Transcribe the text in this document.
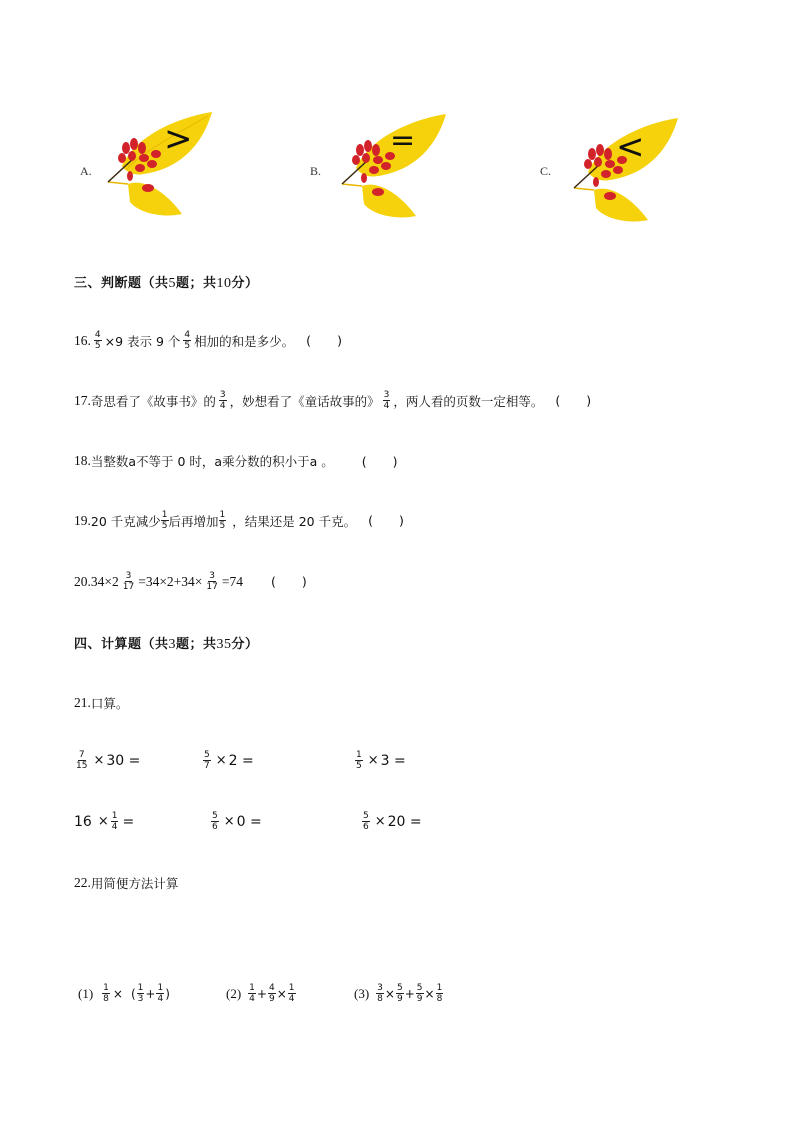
A.
>
B.
=
C.
<
三、判断题（共5题；共10分）
16. $\frac{4}{5} \times 9$ 表示 9 个 $\frac{4}{5}$ 相加的和是多少。 ( )
17. 奇思看了《故事书》的 $\frac{3}{4}$ ，妙想看了《童话故事的》 $\frac{3}{4}$ ，两人看的页数一定相等。 ( )
18. 当整数a不等于 0 时，a乘分数的积小于a 。 ( )
19. 20 千克减少 $\frac{1}{5}$ 后再增加 $\frac{1}{5}$ ，结果还是 20 千克。 ( )
20. $34\times 2 \frac{3}{17} =34\times 2+34\times \frac{3}{17} =74$ ( )
四、计算题（共3题；共35分）
21. 口算。
$\frac{7}{15} \times 30$ =	$\frac{5}{7} \times 2$ =	$\frac{1}{5} \times 3$ =
$16 \times \frac{1}{4}$ =	$\frac{5}{6} \times 0$ =	$\frac{5}{6} \times 20$ =
22. 用简便方法计算
$(1) \frac{1}{8}$ × ( $\frac{1}{3} + \frac{1}{4}$ )	$(2) \frac{1}{4} + \frac{4}{9} \times \frac{1}{4}$	$(3) \frac{3}{8} \times \frac{5}{9} + \frac{5}{9} \times \frac{1}{8}$
